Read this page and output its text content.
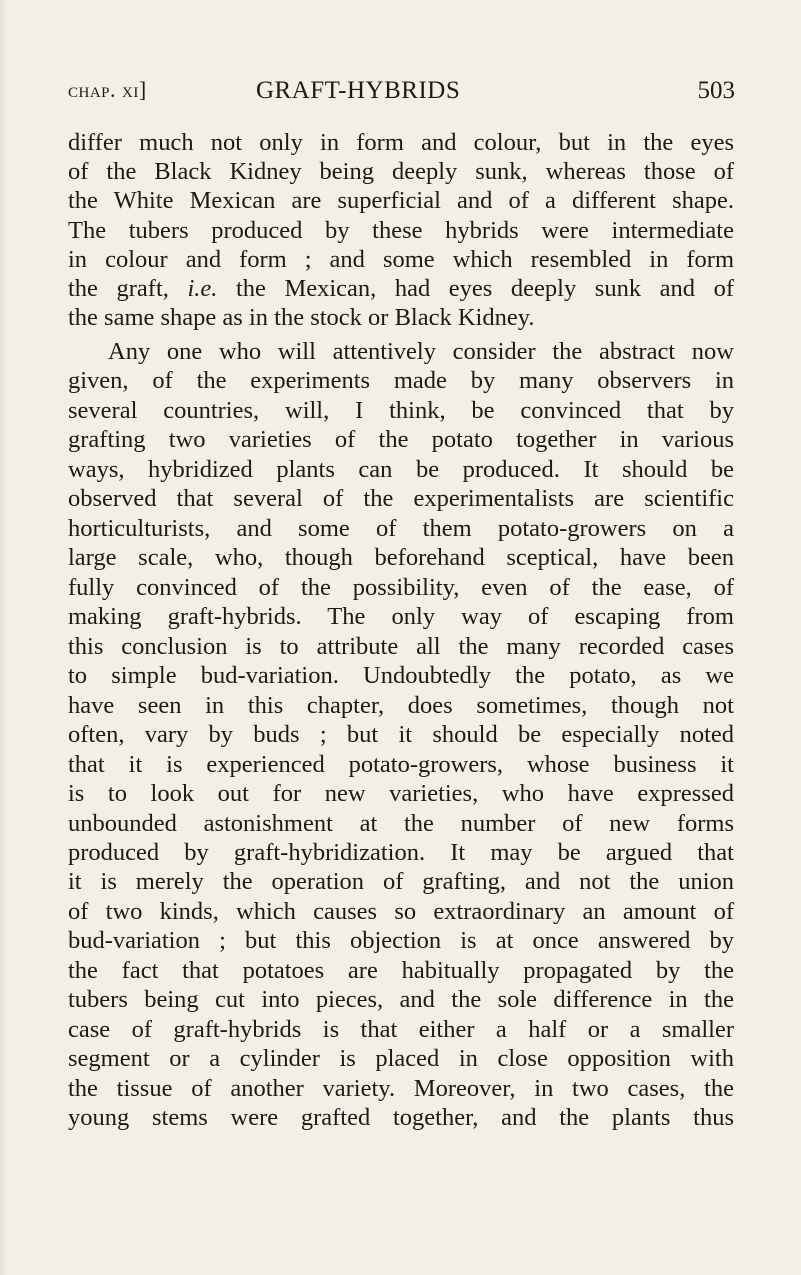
chap. xi]	GRAFT-HYBRIDS	503
differ much not only in form and colour, but in the eyes
of the Black Kidney being deeply sunk, whereas those of
the White Mexican are superficial and of a different shape.
The tubers produced by these hybrids were intermediate
in colour and form ; and some which resembled in form
the graft, i.e. the Mexican, had eyes deeply sunk and of
the same shape as in the stock or Black Kidney.
Any one who will attentively consider the abstract now
given, of the experiments made by many observers in
several countries, will, I think, be convinced that by
grafting two varieties of the potato together in various
ways, hybridized plants can be produced. It should be
observed that several of the experimentalists are scientific
horticulturists, and some of them potato-growers on a
large scale, who, though beforehand sceptical, have been
fully convinced of the possibility, even of the ease, of
making graft-hybrids. The only way of escaping from
this conclusion is to attribute all the many recorded cases
to simple bud-variation. Undoubtedly the potato, as we
have seen in this chapter, does sometimes, though not
often, vary by buds ; but it should be especially noted
that it is experienced potato-growers, whose business it
is to look out for new varieties, who have expressed
unbounded astonishment at the number of new forms
produced by graft-hybridization. It may be argued that
it is merely the operation of grafting, and not the union
of two kinds, which causes so extraordinary an amount of
bud-variation ; but this objection is at once answered by
the fact that potatoes are habitually propagated by the
tubers being cut into pieces, and the sole difference in the
case of graft-hybrids is that either a half or a smaller
segment or a cylinder is placed in close opposition with
the tissue of another variety. Moreover, in two cases, the
young stems were grafted together, and the plants thus
